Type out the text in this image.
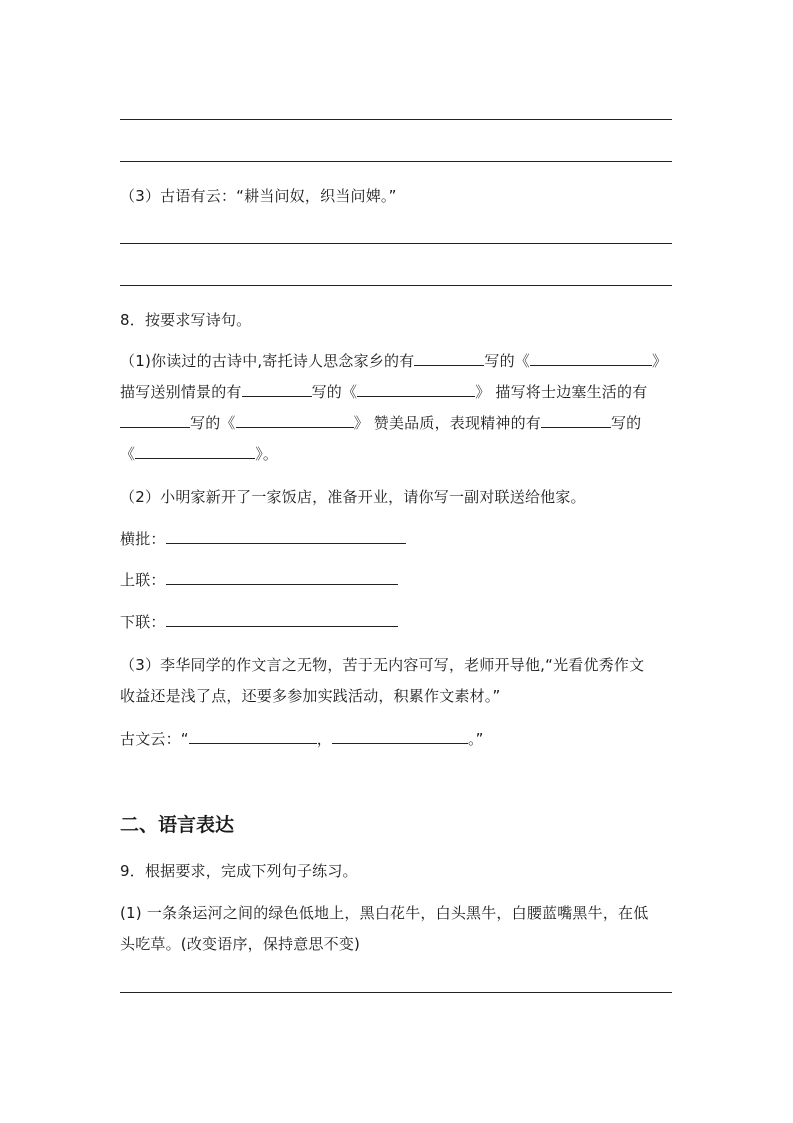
（3）古语有云：“耕当问奴，织当问婢。”
8．按要求写诗句。
（1)你读过的古诗中,寄托诗人思念家乡的有	写的《	》
描写送别情景的有	写的《	》 描写将士边塞生活的有
写的《	》 赞美品质，表现精神的有	写的
《	》。
（2）小明家新开了一家饭店，准备开业，请你写一副对联送给他家。
横批：
上联：
下联：
（3）李华同学的作文言之无物，苦于无内容可写，老师开导他,“光看优秀作文
收益还是浅了点，还要多参加实践活动，积累作文素材。”
古文云：“	，	。”
二、语言表达
9．根据要求，完成下列句子练习。
(1) 一条条运河之间的绿色低地上，黑白花牛，白头黑牛，白腰蓝嘴黑牛，在低
头吃草。(改变语序，保持意思不变)
